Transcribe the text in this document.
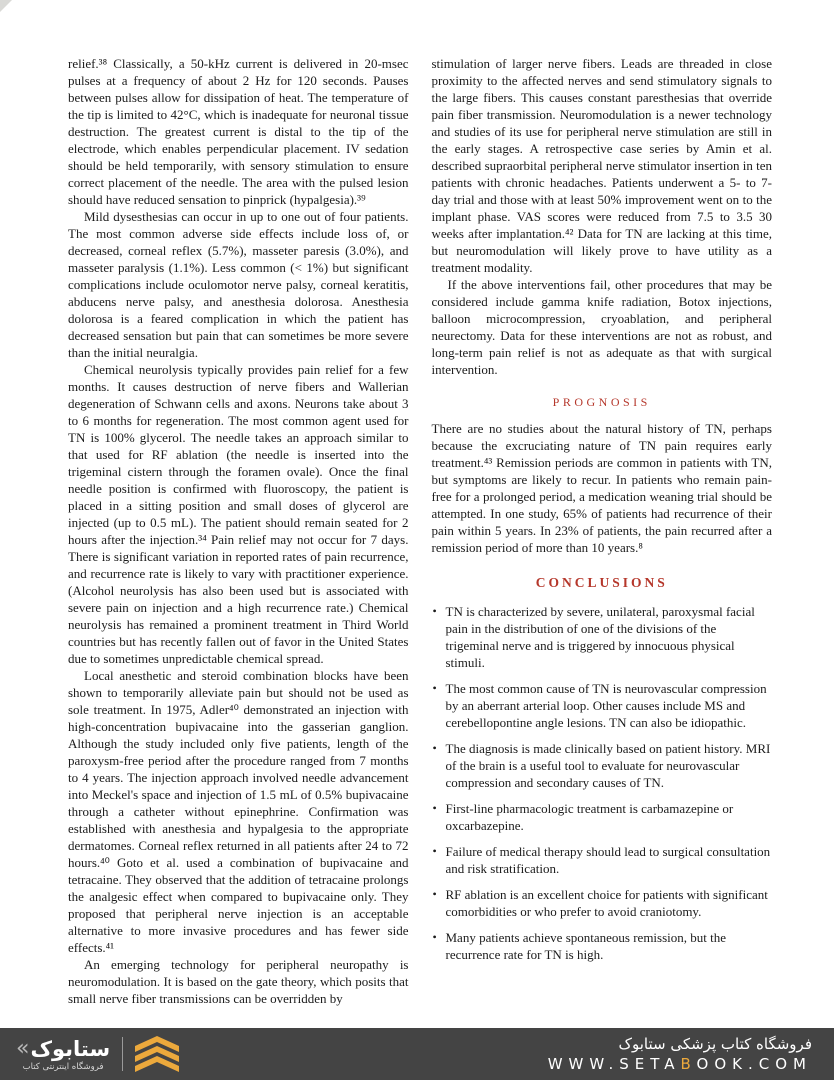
relief.³⁸ Classically, a 50-kHz current is delivered in 20-msec pulses at a frequency of about 2 Hz for 120 seconds. Pauses between pulses allow for dissipation of heat. The temperature of the tip is limited to 42°C, which is inadequate for neuronal tissue destruction. The greatest current is distal to the tip of the electrode, which enables perpendicular placement. IV sedation should be held temporarily, with sensory stimulation to ensure correct placement of the needle. The area with the pulsed lesion should have reduced sensation to pinprick (hypalgesia).³⁹

Mild dysesthesias can occur in up to one out of four patients. The most common adverse side effects include loss of, or decreased, corneal reflex (5.7%), masseter paresis (3.0%), and masseter paralysis (1.1%). Less common (< 1%) but significant complications include oculomotor nerve palsy, corneal keratitis, abducens nerve palsy, and anesthesia dolorosa. Anesthesia dolorosa is a feared complication in which the patient has decreased sensation but pain that can sometimes be more severe than the initial neuralgia.

Chemical neurolysis typically provides pain relief for a few months. It causes destruction of nerve fibers and Wallerian degeneration of Schwann cells and axons. Neurons take about 3 to 6 months for regeneration. The most common agent used for TN is 100% glycerol. The needle takes an approach similar to that used for RF ablation (the needle is inserted into the trigeminal cistern through the foramen ovale). Once the final needle position is confirmed with fluoroscopy, the patient is placed in a sitting position and small doses of glycerol are injected (up to 0.5 mL). The patient should remain seated for 2 hours after the injection.³⁴ Pain relief may not occur for 7 days. There is significant variation in reported rates of pain recurrence, and recurrence rate is likely to vary with practitioner experience. (Alcohol neurolysis has also been used but is associated with severe pain on injection and a high recurrence rate.) Chemical neurolysis has remained a prominent treatment in Third World countries but has recently fallen out of favor in the United States due to sometimes unpredictable chemical spread.

Local anesthetic and steroid combination blocks have been shown to temporarily alleviate pain but should not be used as sole treatment. In 1975, Adler⁴⁰ demonstrated an injection with high-concentration bupivacaine into the gasserian ganglion. Although the study included only five patients, length of the paroxysm-free period after the procedure ranged from 7 months to 4 years. The injection approach involved needle advancement into Meckel's space and injection of 1.5 mL of 0.5% bupivacaine through a catheter without epinephrine. Confirmation was established with anesthesia and hypalgesia to the appropriate dermatomes. Corneal reflex returned in all patients after 24 to 72 hours.⁴⁰ Goto et al. used a combination of bupivacaine and tetracaine. They observed that the addition of tetracaine prolongs the analgesic effect when compared to bupivacaine only. They proposed that peripheral nerve injection is an acceptable alternative to more invasive procedures and has fewer side effects.⁴¹

An emerging technology for peripheral neuropathy is neuromodulation. It is based on the gate theory, which posits that small nerve fiber transmissions can be overridden by

stimulation of larger nerve fibers. Leads are threaded in close proximity to the affected nerves and send stimulatory signals to the large fibers. This causes constant paresthesias that override pain fiber transmission. Neuromodulation is a newer technology and studies of its use for peripheral nerve stimulation are still in the early stages. A retrospective case series by Amin et al. described supraorbital peripheral nerve stimulator insertion in ten patients with chronic headaches. Patients underwent a 5- to 7-day trial and those with at least 50% improvement went on to the implant phase. VAS scores were reduced from 7.5 to 3.5 30 weeks after implantation.⁴² Data for TN are lacking at this time, but neuromodulation will likely prove to have utility as a treatment modality.

If the above interventions fail, other procedures that may be considered include gamma knife radiation, Botox injections, balloon microcompression, cryoablation, and peripheral neurectomy. Data for these interventions are not as robust, and long-term pain relief is not as adequate as that with surgical intervention.

PROGNOSIS

There are no studies about the natural history of TN, perhaps because the excruciating nature of TN pain requires early treatment.⁴³ Remission periods are common in patients with TN, but symptoms are likely to recur. In patients who remain pain-free for a prolonged period, a medication weaning trial should be attempted. In one study, 65% of patients had recurrence of their pain within 5 years. In 23% of patients, the pain recurred after a remission period of more than 10 years.⁸

CONCLUSIONS
• TN is characterized by severe, unilateral, paroxysmal facial pain in the distribution of one of the divisions of the trigeminal nerve and is triggered by innocuous physical stimuli.
• The most common cause of TN is neurovascular compression by an aberrant arterial loop. Other causes include MS and cerebellopontine angle lesions. TN can also be idiopathic.
• The diagnosis is made clinically based on patient history. MRI of the brain is a useful tool to evaluate for neurovascular compression and secondary causes of TN.
• First-line pharmacologic treatment is carbamazepine or oxcarbazepine.
• Failure of medical therapy should lead to surgical consultation and risk stratification.
• RF ablation is an excellent choice for patients with significant comorbidities or who prefer to avoid craniotomy.
• Many patients achieve spontaneous remission, but the recurrence rate for TN is high.
« ستابوک
فروشگاه اینترنتی کتاب
فروشگاه کتاب پزشکی ستابوک
WWW.SETABOOK.COM
